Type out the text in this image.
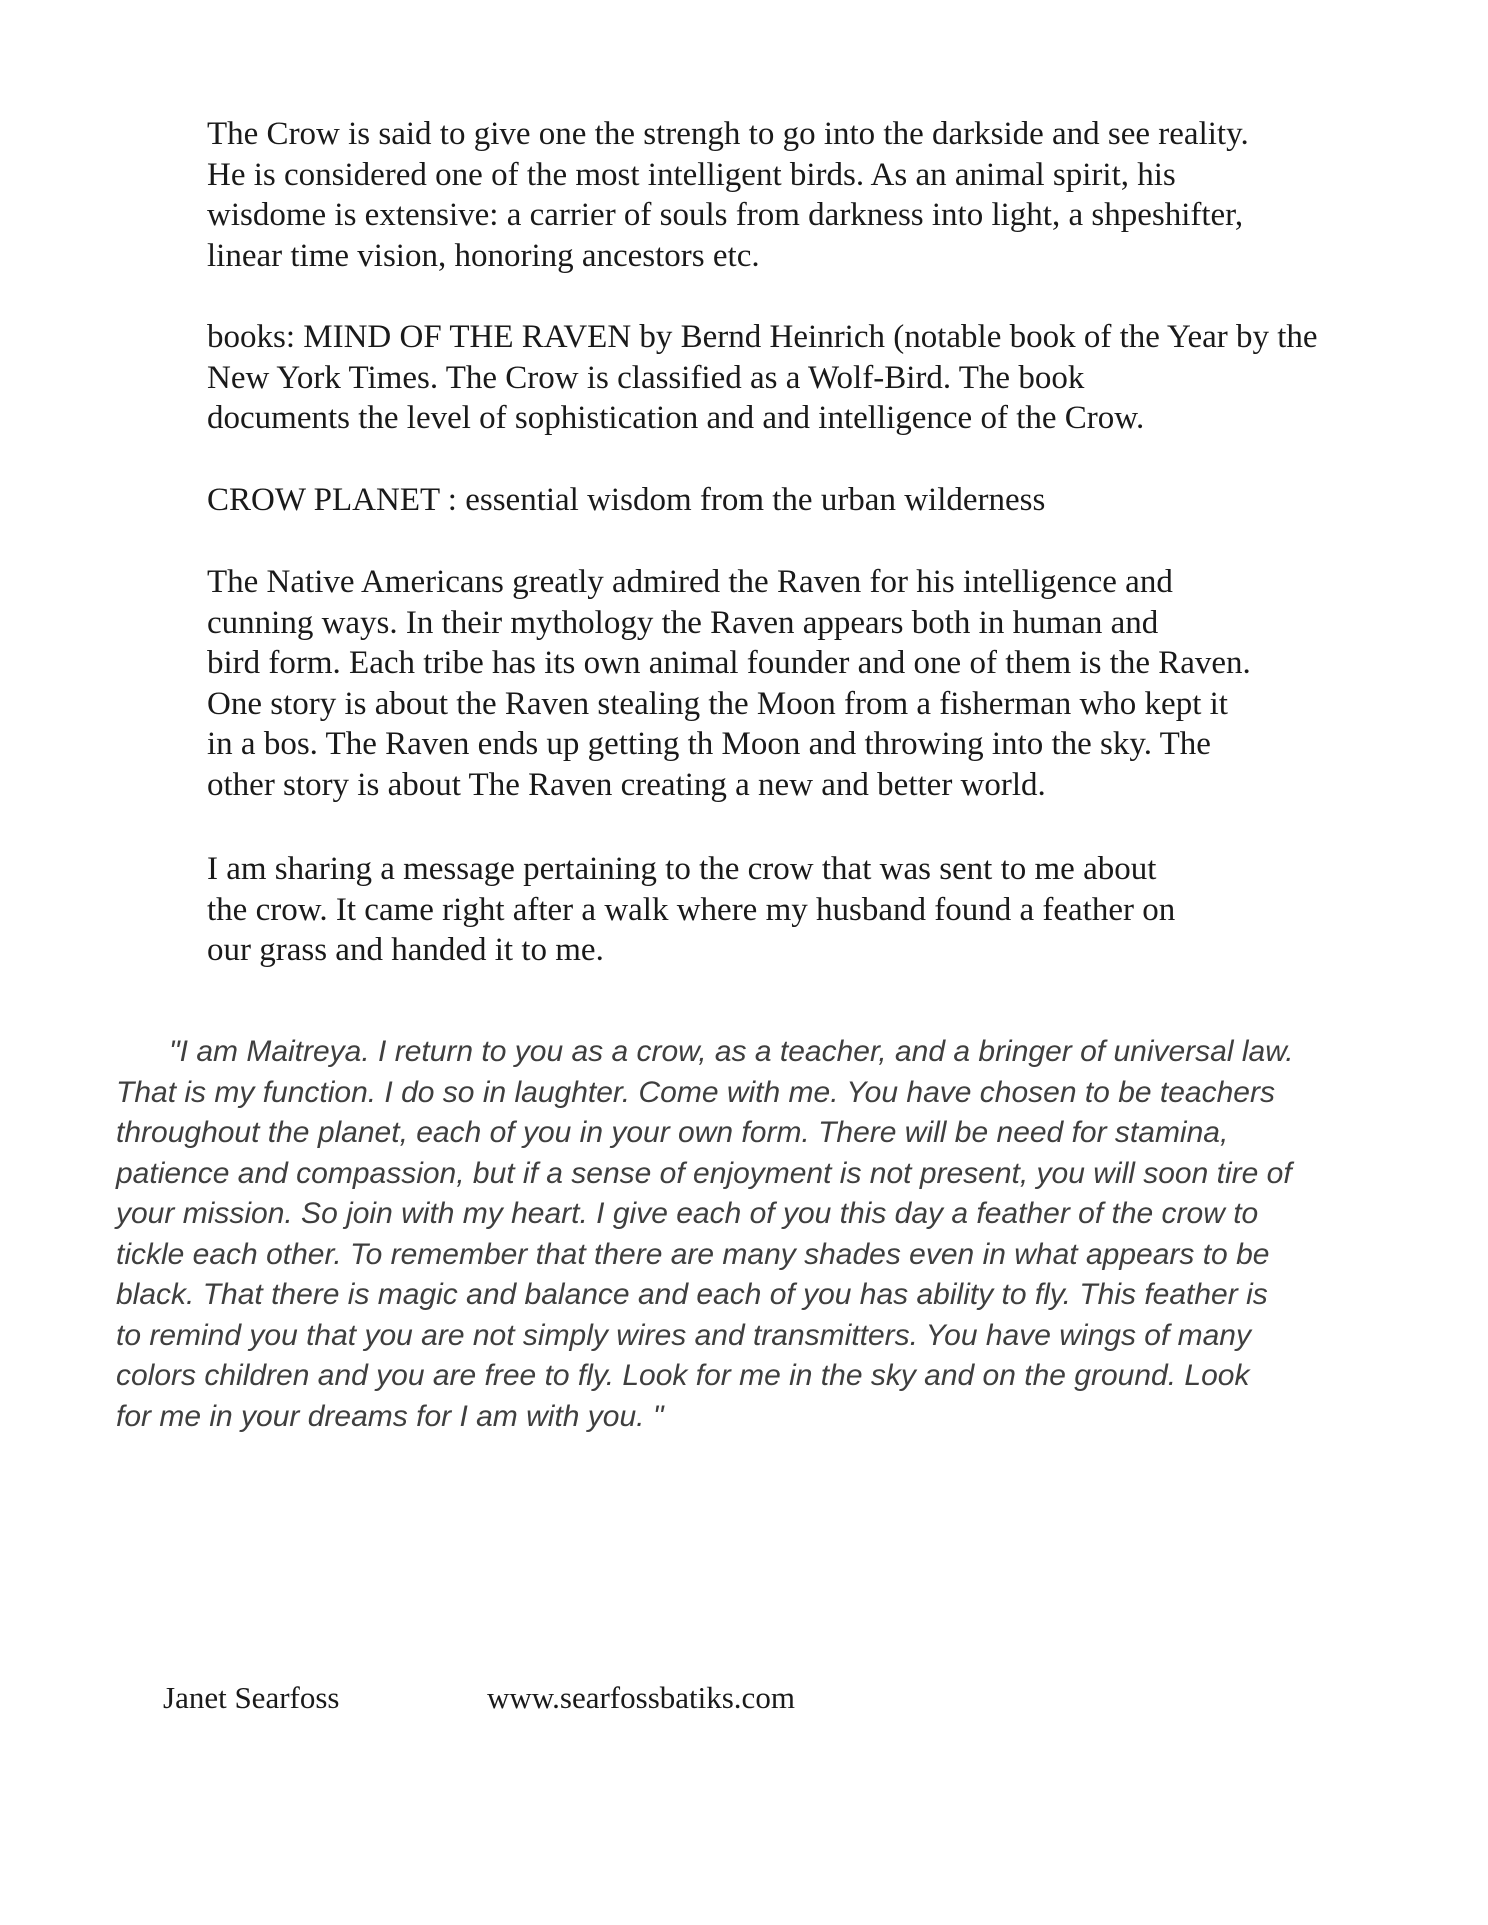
The Crow is said to give one the strengh to go into the darkside and see reality.
He is considered one of the most intelligent birds. As an animal spirit, his
wisdome is extensive: a carrier of souls from darkness into light, a shpeshifter,
linear time vision, honoring ancestors etc.
books: MIND OF THE RAVEN by Bernd Heinrich (notable book of the Year by the
New York Times. The Crow is classified as a Wolf-Bird. The book
documents the level of sophistication and and intelligence of the Crow.
CROW PLANET : essential wisdom from the urban wilderness
The Native Americans greatly admired the Raven for his intelligence and
cunning ways. In their mythology the Raven appears both in human and
bird form. Each tribe has its own animal founder and one of them is the Raven.
One story is about the Raven stealing the Moon from a fisherman who kept it
in a bos. The Raven ends up getting th Moon and throwing into the sky. The
other story is about The Raven creating a new and better world.
I am sharing a message pertaining to the crow that was sent to me about
the crow. It came right after a walk where my husband found a feather on
our grass and handed it to me.
"I am Maitreya. I return to you as a crow, as a teacher, and a bringer of universal law.
That is my function. I do so in laughter. Come with me. You have chosen to be teachers
throughout the planet, each of you in your own form. There will be need for stamina,
patience and compassion, but if a sense of enjoyment is not present, you will soon tire of
your mission. So join with my heart. I give each of you this day a feather of the crow to
tickle each other. To remember that there are many shades even in what appears to be
black. That there is magic and balance and each of you has ability to fly. This feather is
to remind you that you are not simply wires and transmitters. You have wings of many
colors children and you are free to fly. Look for me in the sky and on the ground. Look
for me in your dreams for I am with you. "
Janet Searfoss	www.searfossbatiks.com
